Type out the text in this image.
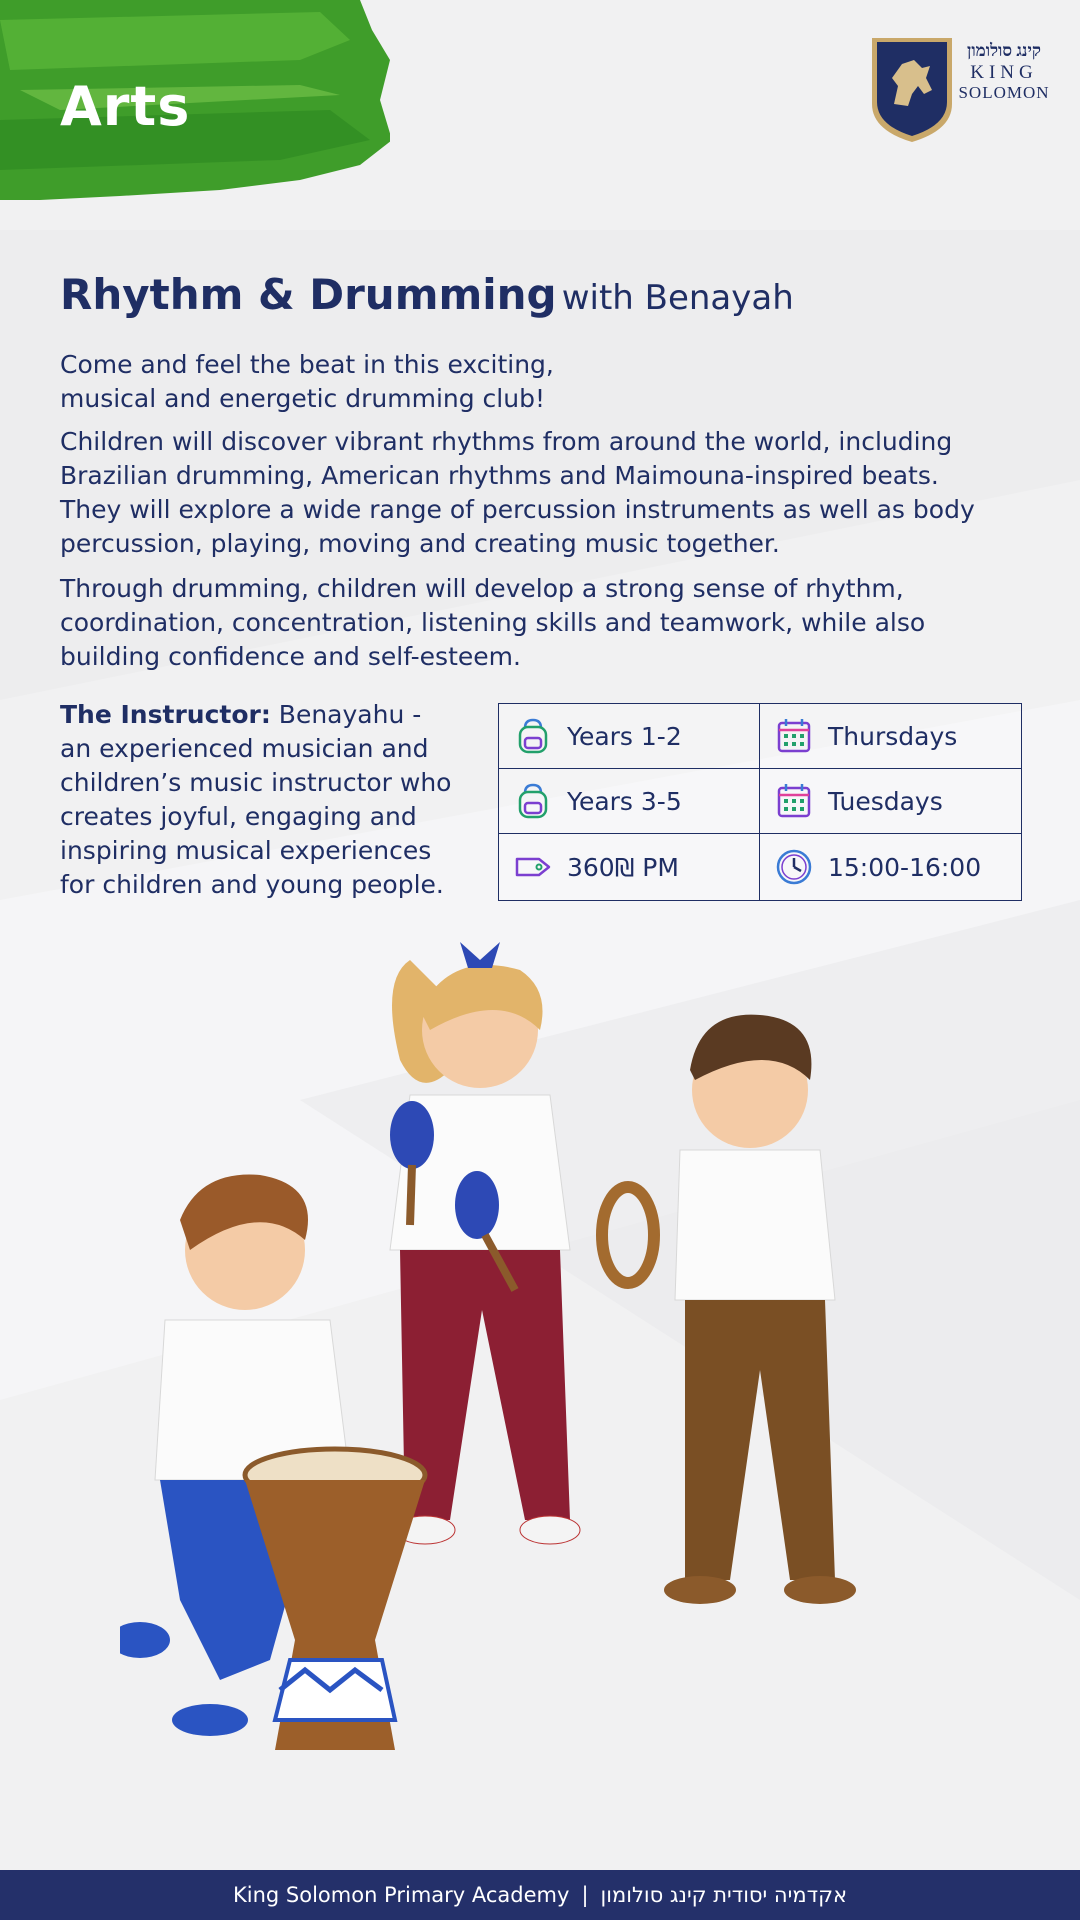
Arts
קינג סולומון
KING
SOLOMON
Rhythm & Drumming with Benayah
Come and feel the beat in this exciting, musical and energetic drumming club!
Children will discover vibrant rhythms from around the world, including Brazilian drumming, American rhythms and Maimouna-inspired beats. They will explore a wide range of percussion instruments as well as body percussion, playing, moving and creating music together.
Through drumming, children will develop a strong sense of rhythm, coordination, concentration, listening skills and teamwork, while also building confidence and self-esteem.
The Instructor: Benayahu - an experienced musician and children’s music instructor who creates joyful, engaging and inspiring musical experiences for children and young people.
Years 1-2	Thursdays
Years 3-5	Tuesdays
360₪ PM	15:00-16:00
King Solomon Primary Academy | אקדמיה יסודית קינג סולומון
